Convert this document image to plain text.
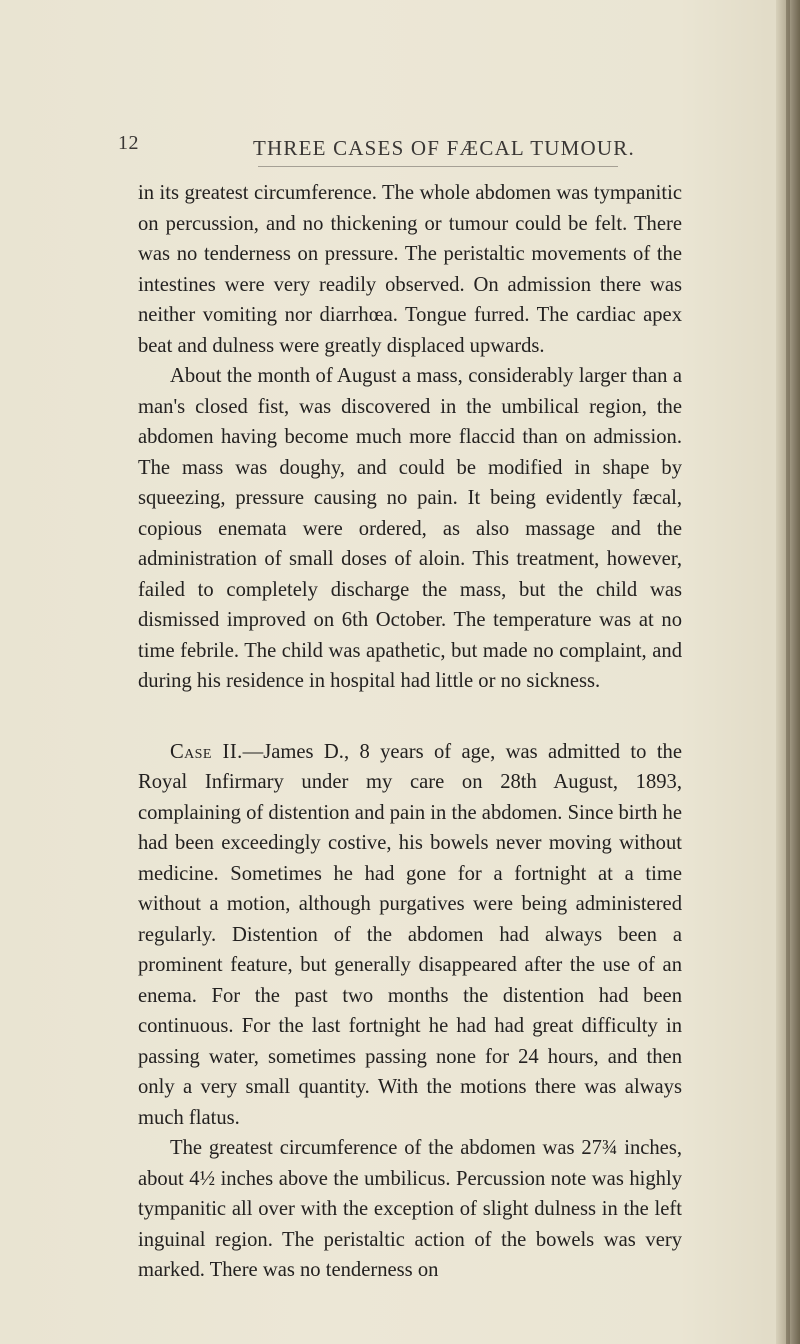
12	THREE CASES OF FÆCAL TUMOUR.

in its greatest circumference. The whole abdomen was tympanitic on percussion, and no thickening or tumour could be felt. There was no tenderness on pressure. The peristaltic movements of the intestines were very readily observed. On admission there was neither vomiting nor diarrhœa. Tongue furred. The cardiac apex beat and dulness were greatly displaced upwards.

About the month of August a mass, considerably larger than a man's closed fist, was discovered in the umbilical region, the abdomen having become much more flaccid than on admission. The mass was doughy, and could be modified in shape by squeezing, pressure causing no pain. It being evidently fæcal, copious enemata were ordered, as also massage and the administration of small doses of aloin. This treatment, however, failed to completely discharge the mass, but the child was dismissed improved on 6th October. The temperature was at no time febrile. The child was apathetic, but made no complaint, and during his residence in hospital had little or no sickness.

Case II.—James D., 8 years of age, was admitted to the Royal Infirmary under my care on 28th August, 1893, complaining of distention and pain in the abdomen. Since birth he had been exceedingly costive, his bowels never moving without medicine. Sometimes he had gone for a fortnight at a time without a motion, although purgatives were being administered regularly. Distention of the abdomen had always been a prominent feature, but generally disappeared after the use of an enema. For the past two months the distention had been continuous. For the last fortnight he had had great difficulty in passing water, sometimes passing none for 24 hours, and then only a very small quantity. With the motions there was always much flatus.

The greatest circumference of the abdomen was 27¾ inches, about 4½ inches above the umbilicus. Percussion note was highly tympanitic all over with the exception of slight dulness in the left inguinal region. The peristaltic action of the bowels was very marked. There was no tenderness on
